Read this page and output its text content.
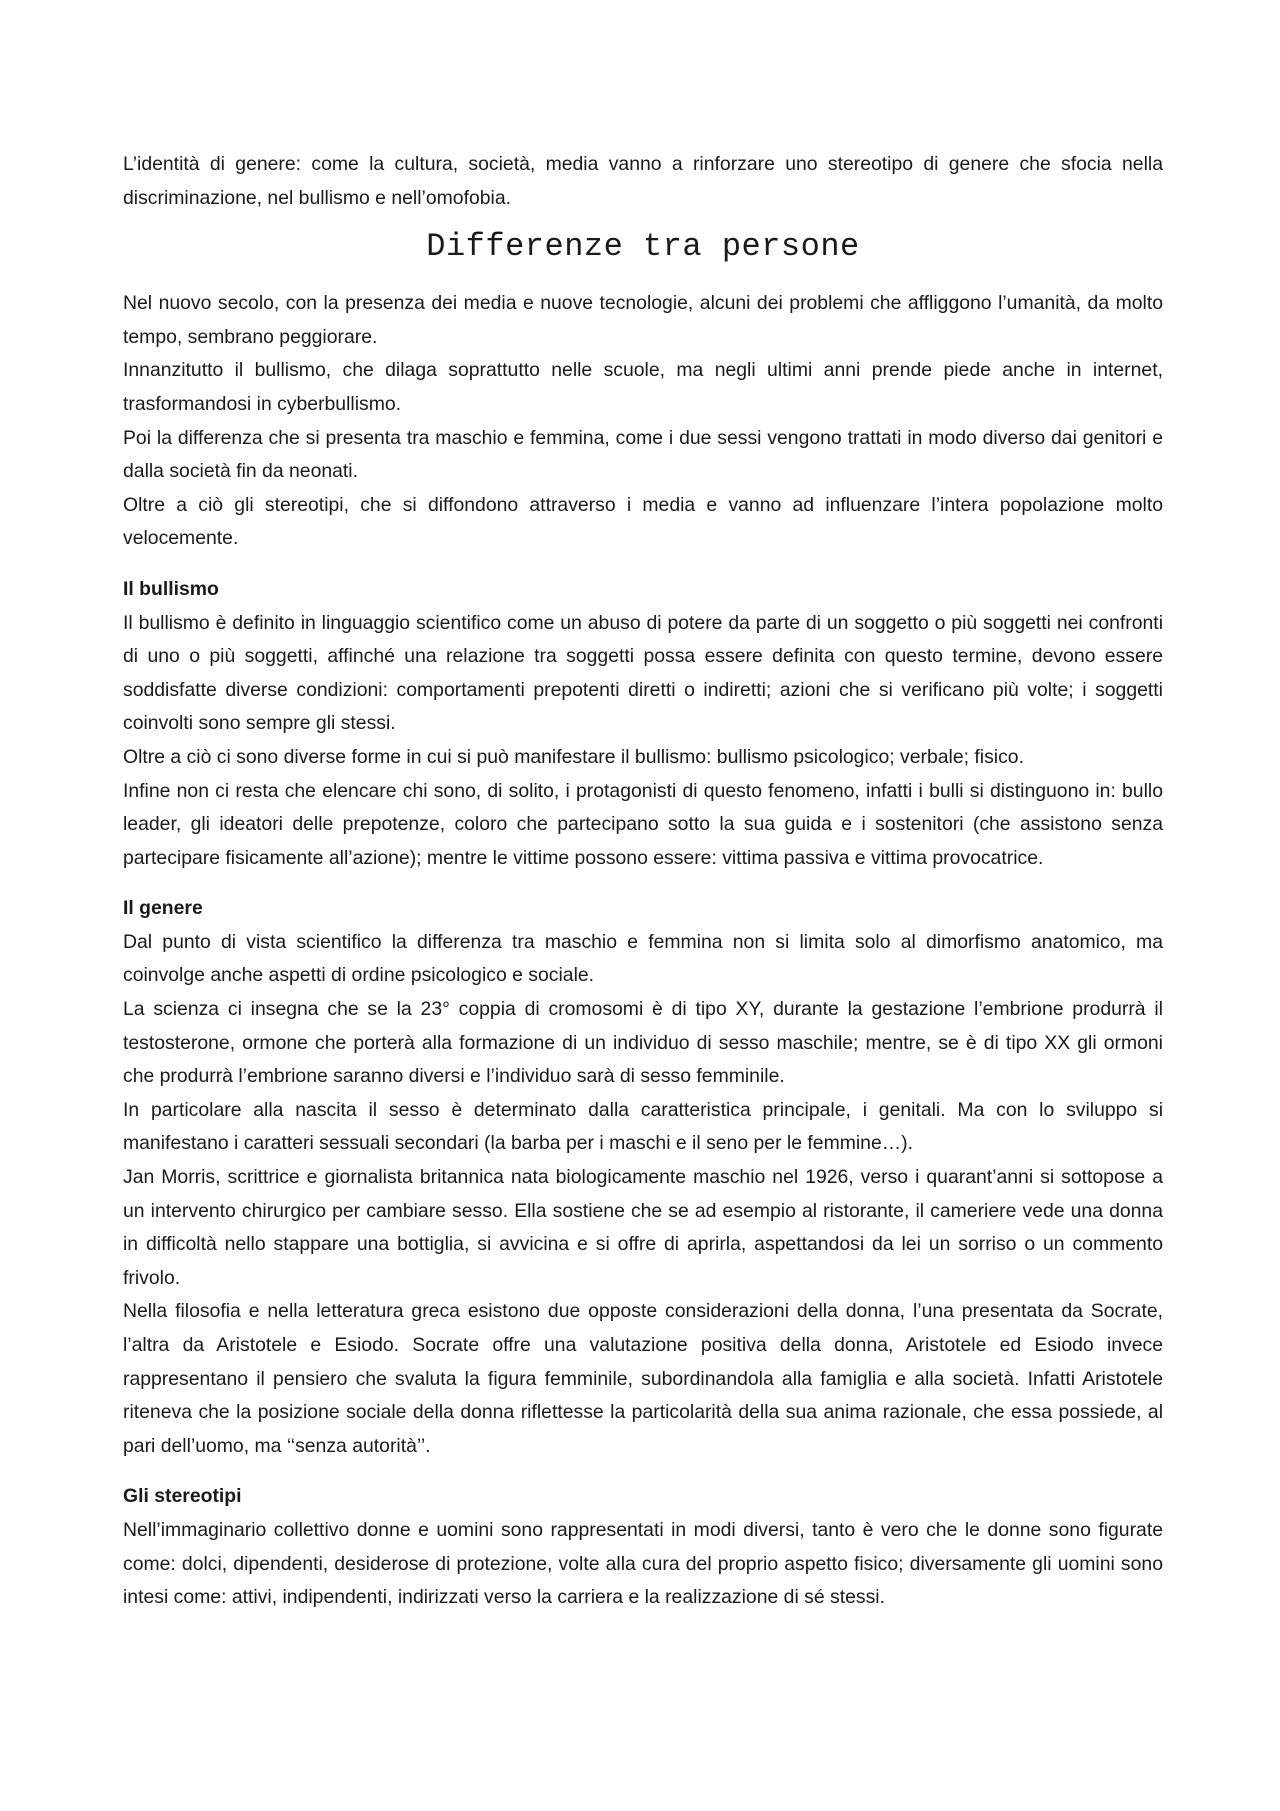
L’identità di genere: come la cultura, società, media vanno a rinforzare uno stereotipo di genere che sfocia nella discriminazione, nel bullismo e nell’omofobia.

Differenze tra persone

Nel nuovo secolo, con la presenza dei media e nuove tecnologie, alcuni dei problemi che affliggono l’umanità, da molto tempo, sembrano peggiorare.

Innanzitutto il bullismo, che dilaga soprattutto nelle scuole, ma negli ultimi anni prende piede anche in internet, trasformandosi in cyberbullismo.

Poi la differenza che si presenta tra maschio e femmina, come i due sessi vengono trattati in modo diverso dai genitori e dalla società fin da neonati.

Oltre a ciò gli stereotipi, che si diffondono attraverso i media e vanno ad influenzare l’intera popolazione molto velocemente.

Il bullismo

Il bullismo è definito in linguaggio scientifico come un abuso di potere da parte di un soggetto o più soggetti nei confronti di uno o più soggetti, affinché una relazione tra soggetti possa essere definita con questo termine, devono essere soddisfatte diverse condizioni: comportamenti prepotenti diretti o indiretti; azioni che si verificano più volte; i soggetti coinvolti sono sempre gli stessi.

Oltre a ciò ci sono diverse forme in cui si può manifestare il bullismo: bullismo psicologico; verbale; fisico.

Infine non ci resta che elencare chi sono, di solito, i protagonisti di questo fenomeno, infatti i bulli si distinguono in: bullo leader, gli ideatori delle prepotenze, coloro che partecipano sotto la sua guida e i sostenitori (che assistono senza partecipare fisicamente all’azione); mentre le vittime possono essere: vittima passiva e vittima provocatrice.

Il genere

Dal punto di vista scientifico la differenza tra maschio e femmina non si limita solo al dimorfismo anatomico, ma coinvolge anche aspetti di ordine psicologico e sociale.

La scienza ci insegna che se la 23° coppia di cromosomi è di tipo XY, durante la gestazione l’embrione produrrà il testosterone, ormone che porterà alla formazione di un individuo di sesso maschile; mentre, se è di tipo XX gli ormoni che produrrà l’embrione saranno diversi e l’individuo sarà di sesso femminile.

In particolare alla nascita il sesso è determinato dalla caratteristica principale, i genitali. Ma con lo sviluppo si manifestano i caratteri sessuali secondari (la barba per i maschi e il seno per le femmine…).

Jan Morris, scrittrice e giornalista britannica nata biologicamente maschio nel 1926, verso i quarant’anni si sottopose a un intervento chirurgico per cambiare sesso. Ella sostiene che se ad esempio al ristorante, il cameriere vede una donna in difficoltà nello stappare una bottiglia, si avvicina e si offre di aprirla, aspettandosi da lei un sorriso o un commento frivolo.

Nella filosofia e nella letteratura greca esistono due opposte considerazioni della donna, l’una presentata da Socrate, l’altra da Aristotele e Esiodo. Socrate offre una valutazione positiva della donna, Aristotele ed Esiodo invece rappresentano il pensiero che svaluta la figura femminile, subordinandola alla famiglia e alla società. Infatti Aristotele riteneva che la posizione sociale della donna riflettesse la particolarità della sua anima razionale, che essa possiede, al pari dell’uomo, ma ‘‘senza autorità’’.

Gli stereotipi

Nell’immaginario collettivo donne e uomini sono rappresentati in modi diversi, tanto è vero che le donne sono figurate come: dolci, dipendenti, desiderose di protezione, volte alla cura del proprio aspetto fisico; diversamente gli uomini sono intesi come: attivi, indipendenti, indirizzati verso la carriera e la realizzazione di sé stessi.
